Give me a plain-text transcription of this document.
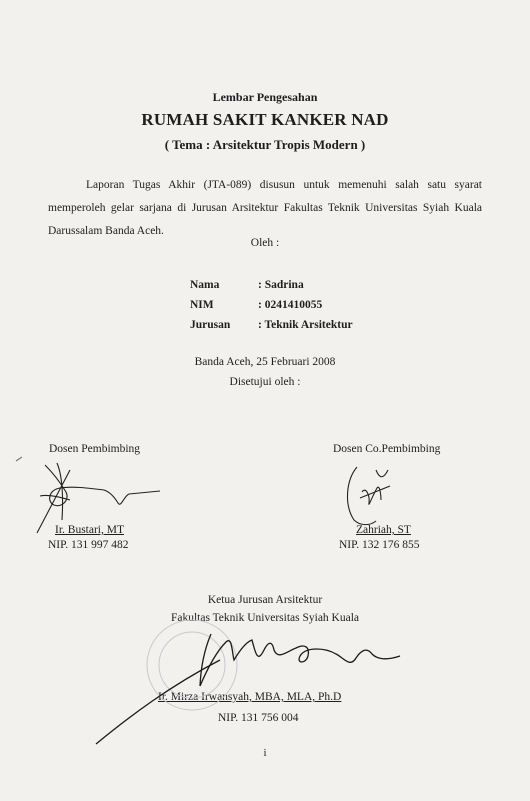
Lembar Pengesahan
RUMAH SAKIT KANKER NAD
( Tema : Arsitektur Tropis Modern )
Laporan Tugas Akhir (JTA-089) disusun untuk memenuhi salah satu syarat memperoleh gelar sarjana di Jurusan Arsitektur Fakultas Teknik Universitas Syiah Kuala Darussalam Banda Aceh.
Oleh :
Nama	: Sadrina
NIM	: 0241410055
Jurusan	: Teknik Arsitektur
Banda Aceh, 25 Februari 2008
Disetujui oleh :
Dosen Pembimbing	Dosen Co.Pembimbing
Ir. Bustari, MT
NIP. 131 997 482
Zahriah, ST
NIP. 132 176 855
Ketua Jurusan Arsitektur
Fakultas Teknik Universitas Syiah Kuala
Ir. Mirza Irwansyah, MBA, MLA, Ph.D
NIP. 131 756 004
i
